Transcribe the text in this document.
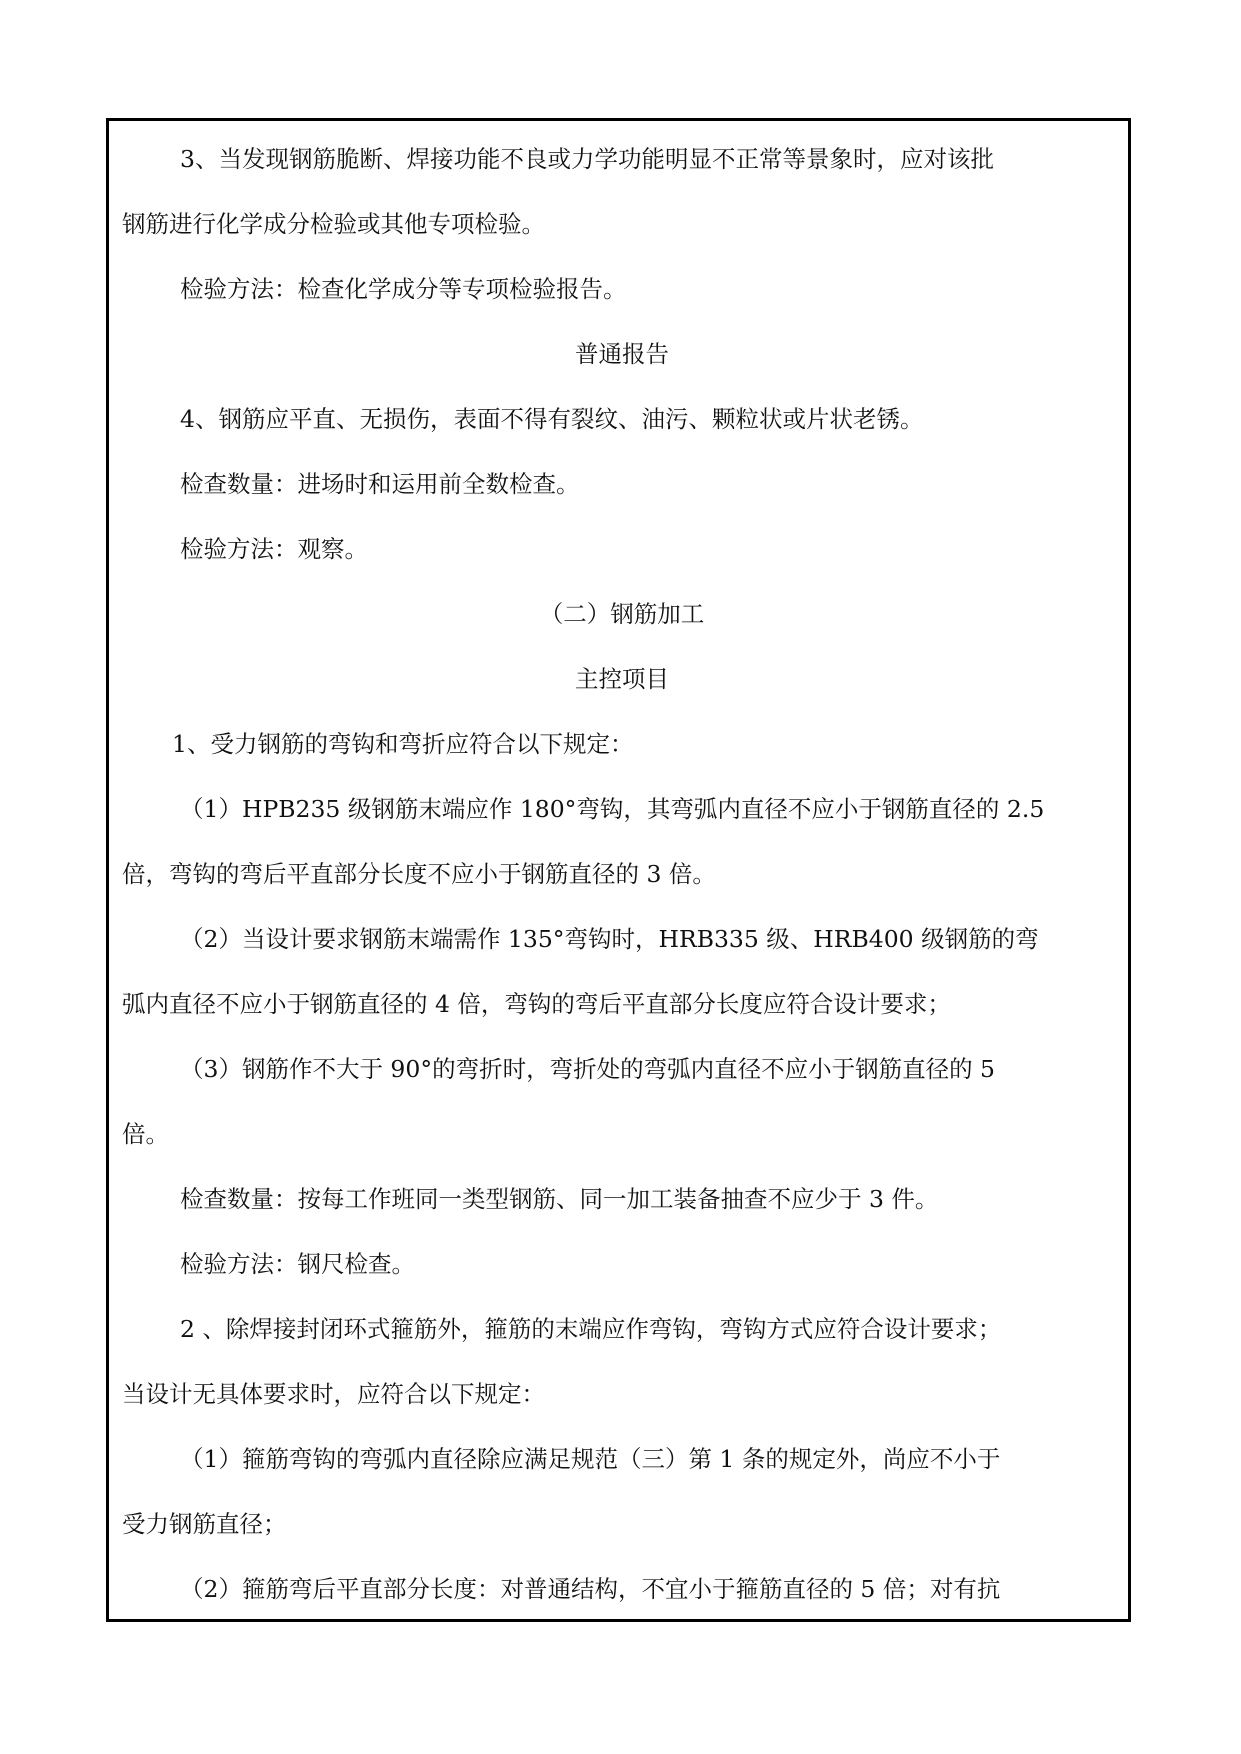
3、当发现钢筋脆断、焊接功能不良或力学功能明显不正常等景象时，应对该批
钢筋进行化学成分检验或其他专项检验。
检验方法：检查化学成分等专项检验报告。
普通报告
4、钢筋应平直、无损伤，表面不得有裂纹、油污、颗粒状或片状老锈。
检查数量：进场时和运用前全数检查。
检验方法：观察。
（二）钢筋加工
主控项目
1、受力钢筋的弯钩和弯折应符合以下规定：
（1）HPB235 级钢筋末端应作 180°弯钩，其弯弧内直径不应小于钢筋直径的 2.5
倍，弯钩的弯后平直部分长度不应小于钢筋直径的 3 倍。
（2）当设计要求钢筋末端需作 135°弯钩时，HRB335 级、HRB400 级钢筋的弯
弧内直径不应小于钢筋直径的 4 倍，弯钩的弯后平直部分长度应符合设计要求；
（3）钢筋作不大于 90°的弯折时，弯折处的弯弧内直径不应小于钢筋直径的 5
倍。
检查数量：按每工作班同一类型钢筋、同一加工装备抽查不应少于 3 件。
检验方法：钢尺检查。
2 、除焊接封闭环式箍筋外，箍筋的末端应作弯钩，弯钩方式应符合设计要求；
当设计无具体要求时，应符合以下规定：
（1）箍筋弯钩的弯弧内直径除应满足规范（三）第 1 条的规定外，尚应不小于
受力钢筋直径；
（2）箍筋弯后平直部分长度：对普通结构，不宜小于箍筋直径的 5 倍；对有抗
